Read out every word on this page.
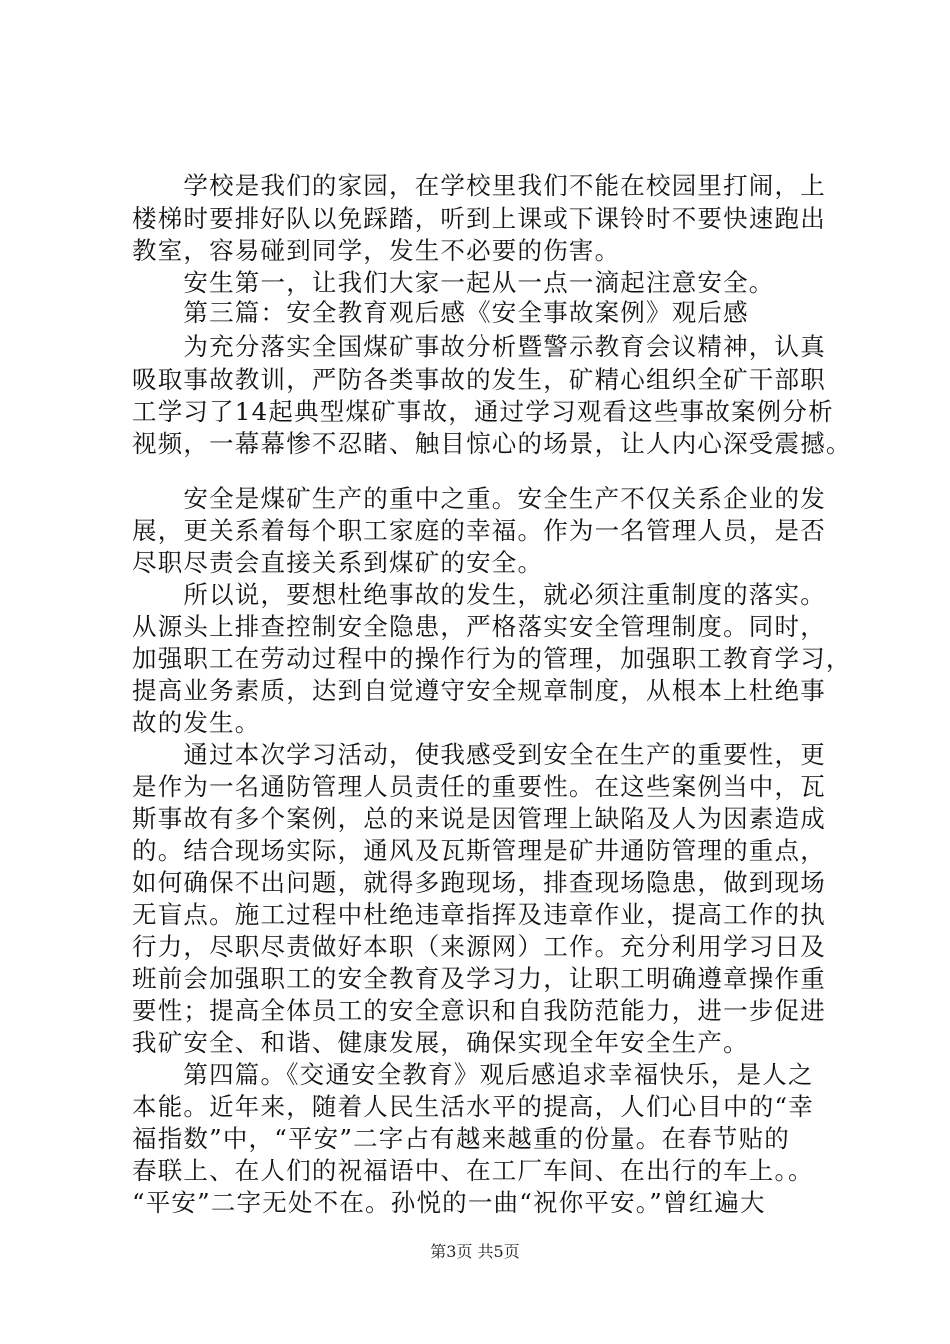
　　学校是我们的家园，在学校里我们不能在校园里打闹，上
楼梯时要排好队以免踩踏，听到上课或下课铃时不要快速跑出
教室，容易碰到同学，发生不必要的伤害。
　　安生第一，让我们大家一起从一点一滴起注意安全。
　　第三篇：安全教育观后感《安全事故案例》观后感
　　为充分落实全国煤矿事故分析暨警示教育会议精神，认真
吸取事故教训，严防各类事故的发生，矿精心组织全矿干部职
工学习了14起典型煤矿事故，通过学习观看这些事故案例分析
视频，一幕幕惨不忍睹、触目惊心的场景，让人内心深受震撼。
　　安全是煤矿生产的重中之重。安全生产不仅关系企业的发
展，更关系着每个职工家庭的幸福。作为一名管理人员，是否
尽职尽责会直接关系到煤矿的安全。
　　所以说，要想杜绝事故的发生，就必须注重制度的落实。
从源头上排查控制安全隐患，严格落实安全管理制度。同时，
加强职工在劳动过程中的操作行为的管理，加强职工教育学习，
提高业务素质，达到自觉遵守安全规章制度，从根本上杜绝事
故的发生。
　　通过本次学习活动，使我感受到安全在生产的重要性，更
是作为一名通防管理人员责任的重要性。在这些案例当中，瓦
斯事故有多个案例，总的来说是因管理上缺陷及人为因素造成
的。结合现场实际，通风及瓦斯管理是矿井通防管理的重点，
如何确保不出问题，就得多跑现场，排查现场隐患，做到现场
无盲点。施工过程中杜绝违章指挥及违章作业，提高工作的执
行力，尽职尽责做好本职（来源网）工作。充分利用学习日及
班前会加强职工的安全教育及学习力，让职工明确遵章操作重
要性；提高全体员工的安全意识和自我防范能力，进一步促进
我矿安全、和谐、健康发展，确保实现全年安全生产。
　　第四篇。《交通安全教育》观后感追求幸福快乐，是人之
本能。近年来，随着人民生活水平的提高，人们心目中的“幸
福指数”中，“平安”二字占有越来越重的份量。在春节贴的
春联上、在人们的祝福语中、在工厂车间、在出行的车上。。
“平安”二字无处不在。孙悦的一曲“祝你平安。”曾红遍大
第3页 共5页
